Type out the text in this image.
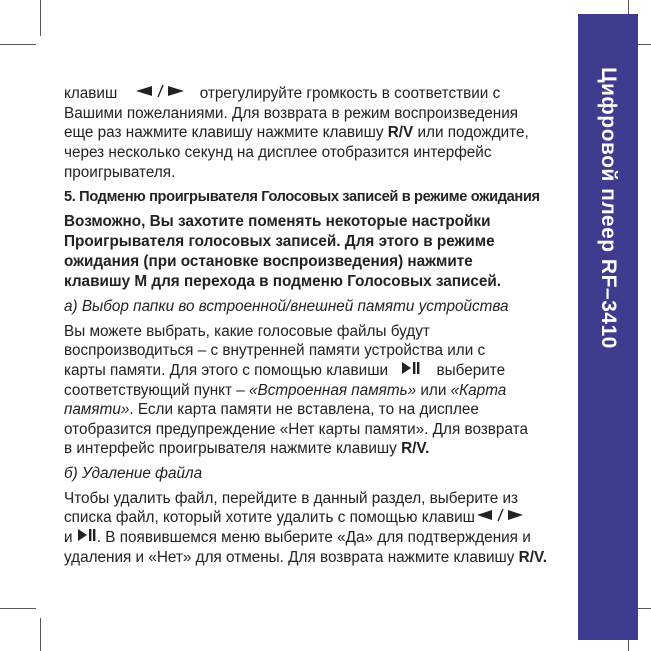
Цифровой плеер RF–3410

клавиш	отрегулируйте громкость в соответствии с
Вашими пожеланиями. Для возврата в режим воспроизведения
еще раз нажмите клавишу нажмите клавишу R/V или подождите,
через несколько секунд на дисплее отобразится интерфейс
проигрывателя.

5. Подменю проигрывателя Голосовых записей в режиме ожидания

Возможно, Вы захотите поменять некоторые настройки
Проигрывателя голосовых записей. Для этого в режиме
ожидания (при остановке воспроизведения) нажмите
клавишу M для перехода в подменю Голосовых записей.

а) Выбор папки во встроенной/внешней памяти устройства

Вы можете выбрать, какие голосовые файлы будут
воспроизводиться – с внутренней памяти устройства или с
карты памяти. Для этого с помощью клавиши	выберите
соответствующий пункт – «Встроенная память» или «Карта
памяти». Если карта памяти не вставлена, то на дисплее
отобразится предупреждение «Нет карты памяти». Для возврата
в интерфейс проигрывателя нажмите клавишу R/V.

б) Удаление файла

Чтобы удалить файл, перейдите в данный раздел, выберите из
списка файл, который хотите удалить с помощью клавиш
и . В появившемся меню выберите «Да» для подтверждения и
удаления и «Нет» для отмены. Для возврата нажмите клавишу R/V.
